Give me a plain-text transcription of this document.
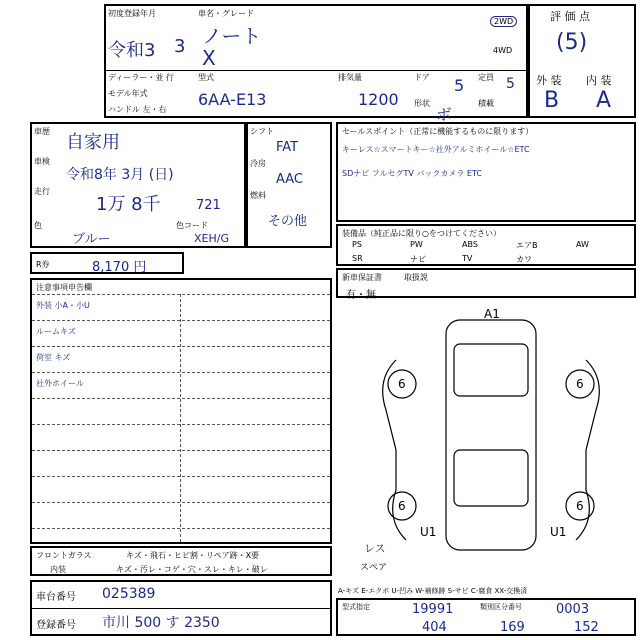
初度登録年月
令和3 3
車名・グレード
ノート
X
2WD
4WD
ディーラー・並 行
モデル年式
ハンドル 左・右
型式
6AA-E13
排気量
1200
ドア 5 定員 5
形状
ボ
積載
評 価 点
(5)
外 装 内 装
B A
車歴
自家用
車検
令和8年 3月 (日)
走行
1万 8千	721
色
ブルー
色コード
XEH/G
シフト
FAT
冷房
AAC
燃料
その他
セールスポイント（正常に機能するものに限ります）
キーレス☆スマートキー☆社外アルミホイール☆ETC
SDナビ フルセグTV バックカメラ ETC
装備品（純正品に限り○をつけてください）
PS	PW	ABS	エアB	AW
SR	ナビ	TV	カワ
新車保証書	取扱説
有・無
R券	8,170 円
注意事項申告欄
外装 小A・小U
ルームキズ
荷室 キズ
社外ホイール
A1
6	6
6	6
U1	U1
レス
スペア
フロントガラス	キズ・飛石・ヒビ割・リペア跡・X要
内装	キズ・汚レ・コゲ・穴・スレ・キレ・破レ
A-キズ E-エクボ U-凹み W-補修跡 S-サビ C-腐食 XX-交換済
車台番号 025389
登録番号 市川 500 す 2350
型式指定	19991	類別区分番号	0003
404	169	152
